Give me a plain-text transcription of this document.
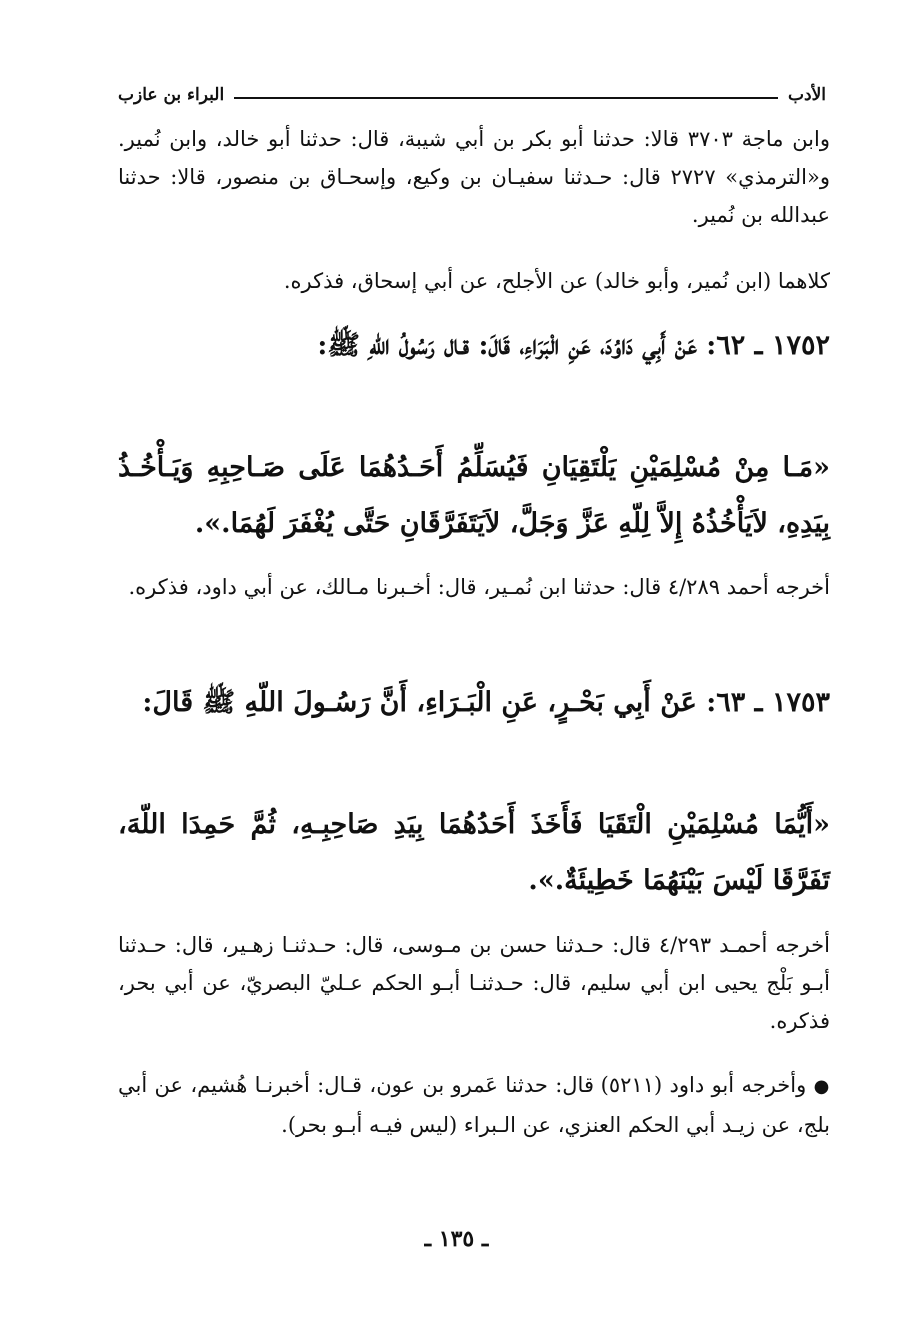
الأدب
البراء بن عازب

وابن ماجة ٣٧٠٣ قالا: حدثنا أبو بكر بن أبي شيبة، قال: حدثنا أبو خالد، وابن نُمير. و«الترمذي» ٢٧٢٧ قال: حـدثنا سفيـان بن وكيع، وإسحـاق بن منصور، قالا: حدثنا عبدالله بن نُمير.

كلاهما (ابن نُمير، وأبو خالد) عن الأجلح، عن أبي إسحاق، فذكره.

١٧٥٢ ـ ٦٢: عَنْ أَبِي دَاوُدَ، عَنِ الْبَرَاءِ، قَالَ: قـال رَسُولُ اللّهِ ﷺ:

«مَـا مِنْ مُسْلِمَيْنِ يَلْتَقِيَانِ فَيُسَلِّمُ أَحَـدُهُمَا عَلَى صَـاحِبِهِ وَيَـأْخُـذُ بِيَدِهِ، لاَيَأْخُذُهُ إِلاَّ لِلّهِ عَزَّ وَجَلَّ، لاَيَتَفَرَّقَانِ حَتَّى يُغْفَرَ لَهُمَا.».

أخرجه أحمد ٤/٢٨٩ قال: حدثنا ابن نُمـير، قال: أخـبرنا مـالك، عن أبي داود، فذكره.

١٧٥٣ ـ ٦٣: عَنْ أَبِي بَحْـرٍ، عَنِ الْبَـرَاءِ، أَنَّ رَسُـولَ اللّهِ ﷺ قَالَ:

«أَيُّمَا مُسْلِمَيْنِ الْتَقَيَا فَأَخَذَ أَحَدُهُمَا بِيَدِ صَاحِبِـهِ، ثُمَّ حَمِدَا اللّهَ، تَفَرَّقَا لَيْسَ بَيْنَهُمَا خَطِيئَةٌ.».

أخرجه أحمـد ٤/٢٩٣ قال: حـدثنا حسن بن مـوسى، قال: حـدثنـا زهـير، قال: حـدثنا أبـو بَلْج يحيى ابن أبي سليم، قال: حـدثنـا أبـو الحكم عـليّ البصريّ، عن أبي بحر، فذكره.

● وأخرجه أبو داود (٥٢١١) قال: حدثنا عَمرو بن عون، قـال: أخبرنـا هُشيم، عن أبي بلج، عن زيـد أبي الحكم العنزي، عن الـبراء (ليس فيـه أبـو بحر).

ـ ١٣٥ ـ
